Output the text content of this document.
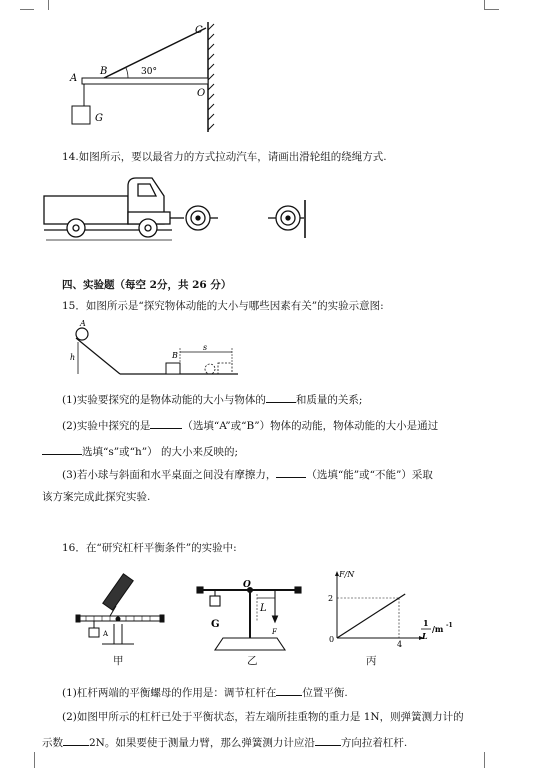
C
A
B	30°
O
G
14.如图所示，要以最省力的方式拉动汽车，请画出滑轮组的绕绳方式.
四、实验题（每空 2分，共 26 分）
15．如图所示是“探究物体动能的大小与哪些因素有关”的实验示意图:
A
h	B
s
(1)实验要探究的是物体动能的大小与物体的	和质量的关系;
(2)实验中探究的是	（选填“A”或“B”）物体的动能，物体动能的大小是通过
选填“s”或“h”） 的大小来反映的;
(3)若小球与斜面和水平桌面之间没有摩擦力，	（选填“能”或“不能”）采取
该方案完成此探究实验.
16．在“研究杠杆平衡条件”的实验中:
A
甲
O
L
G
F
乙
F/N
2
0
4
1
L
/m -1
丙
(1)杠杆两端的平衡螺母的作用是：调节杠杆在 位置平衡.
(2)如图甲所示的杠杆已处于平衡状态，若左端所挂重物的重力是 1N，则弹簧测力计的
示数 2N。如果要使于测量力臂，那么弹簧测力计应沿 方向拉着杠杆.
